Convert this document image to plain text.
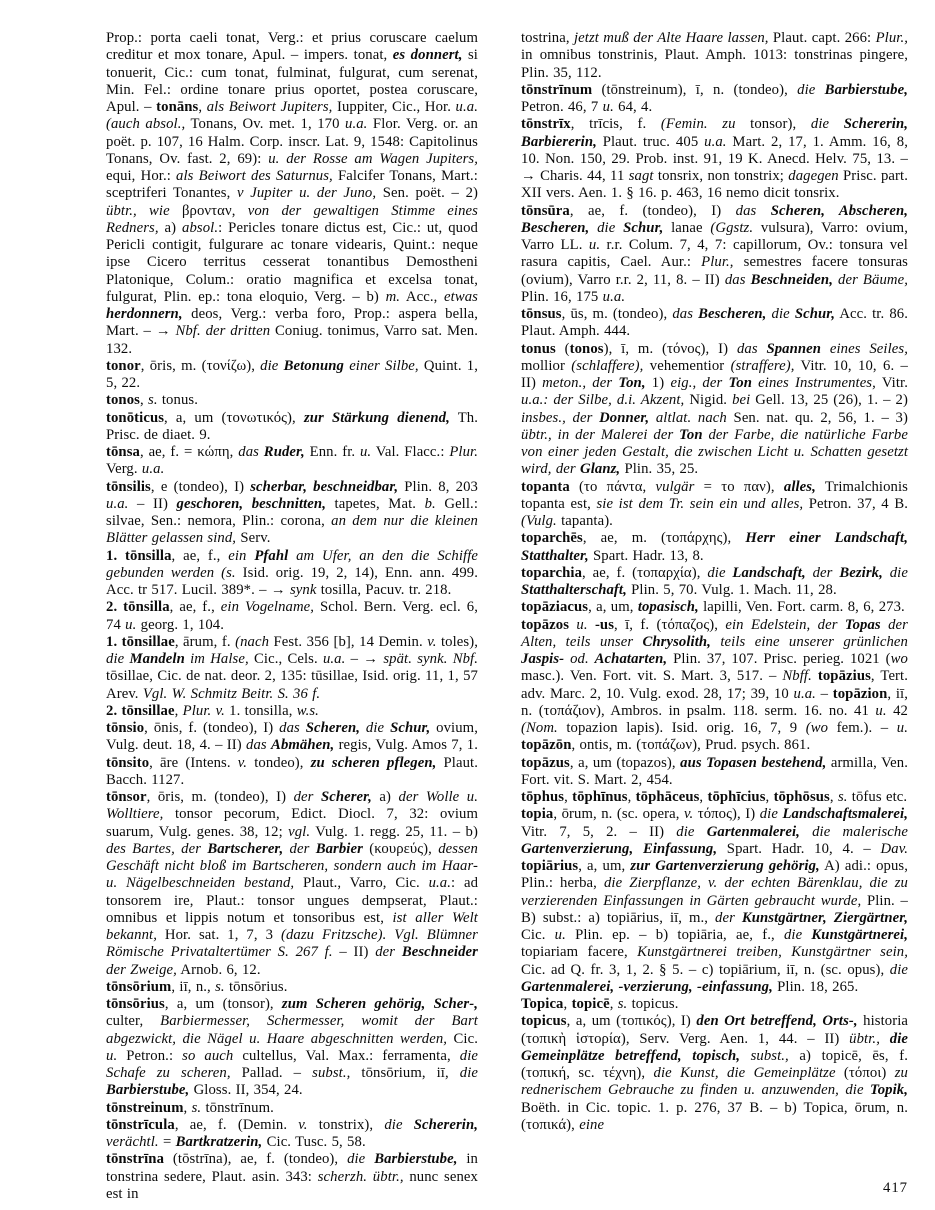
Prop.: porta caeli tonat, Verg.: et prius coruscare caelum creditur et mox tonare, Apul. – impers. tonat, es donnert, si tonuerit, Cic.: cum tonat, fulminat, fulgurat, cum serenat, Min. Fel.: ordine tonare prius oportet, postea coruscare, Apul. – tonāns, als Beiwort Jupiters, Iuppiter, Cic., Hor. u.a. (auch absol., Tonans, Ov. met. 1, 170 u.a. Flor. Verg. or. an poët. p. 107, 16 Halm. Corp. inscr. Lat. 9, 1548: Capitolinus Tonans, Ov. fast. 2, 69): u. der Rosse am Wagen Jupiters, equi, Hor.: als Beiwort des Saturnus, Falcifer Tonans, Mart.: sceptriferi Tonantes, v Jupiter u. der Juno, Sen. poët. – 2) übtr., wie βρονταν, von der gewaltigen Stimme eines Redners, a) absol.: Pericles tonare dictus est, Cic.: ut, quod Pericli contigit, fulgurare ac tonare videaris, Quint.: neque ipse Cicero territus cesserat tonantibus Demostheni Platonique, Colum.: oratio magnifica et excelsa tonat, fulgurat, Plin. ep.: tona eloquio, Verg. – b) m. Acc., etwas herdonnern, deos, Verg.: verba foro, Prop.: aspera bella, Mart. – → Nbf. der dritten Coniug. tonimus, Varro sat. Men. 132.

tonor, ōris, m. (τονίζω), die Betonung einer Silbe, Quint. 1, 5, 22.

tonos, s. tonus.

tonōticus, a, um (τονωτικός), zur Stärkung dienend, Th. Prisc. de diaet. 9.

tōnsa, ae, f. = κώπη, das Ruder, Enn. fr. u. Val. Flacc.: Plur. Verg. u.a.

tōnsilis, e (tondeo), I) scherbar, beschneidbar, Plin. 8, 203 u.a. – II) geschoren, beschnitten, tapetes, Mat. b. Gell.: silvae, Sen.: nemora, Plin.: corona, an dem nur die kleinen Blätter gelassen sind, Serv.

1. tōnsilla, ae, f., ein Pfahl am Ufer, an den die Schiffe gebunden werden (s. Isid. orig. 19, 2, 14), Enn. ann. 499. Acc. tr 517. Lucil. 389*. – → synk tosilla, Pacuv. tr. 218.

2. tōnsilla, ae, f., ein Vogelname, Schol. Bern. Verg. ecl. 6, 74 u. georg. 1, 104.

1. tōnsillae, ārum, f. (nach Fest. 356 [b], 14 Demin. v. toles), die Mandeln im Halse, Cic., Cels. u.a. – → spät. synk. Nbf. tōsillae, Cic. de nat. deor. 2, 135: tūsillae, Isid. orig. 11, 1, 57 Arev. Vgl. W. Schmitz Beitr. S. 36 f.

2. tōnsillae, Plur. v. 1. tonsilla, w.s.

tōnsio, ōnis, f. (tondeo), I) das Scheren, die Schur, ovium, Vulg. deut. 18, 4. – II) das Abmähen, regis, Vulg. Amos 7, 1.

tōnsito, āre (Intens. v. tondeo), zu scheren pflegen, Plaut. Bacch. 1127.

tōnsor, ōris, m. (tondeo), I) der Scherer, a) der Wolle u. Wolltiere, tonsor pecorum, Edict. Diocl. 7, 32: ovium suarum, Vulg. genes. 38, 12; vgl. Vulg. 1. regg. 25, 11. – b) des Bartes, der Bartscherer, der Barbier (κουρεύς), dessen Geschäft nicht bloß im Bartscheren, sondern auch im Haar- u. Nägelbeschneiden bestand, Plaut., Varro, Cic. u.a.: ad tonsorem ire, Plaut.: tonsor ungues dempserat, Plaut.: omnibus et lippis notum et tonsoribus est, ist aller Welt bekannt, Hor. sat. 1, 7, 3 (dazu Fritzsche). Vgl. Blümner Römische Privataltertümer S. 267 f. – II) der Beschneider der Zweige, Arnob. 6, 12.

tōnsōrium, iī, n., s. tōnsōrius.

tōnsōrius, a, um (tonsor), zum Scheren gehörig, Scher-, culter, Barbiermesser, Schermesser, womit der Bart abgezwickt, die Nägel u. Haare abgeschnitten werden, Cic. u. Petron.: so auch cultellus, Val. Max.: ferramenta, die Schafe zu scheren, Pallad. – subst., tōnsōrium, iī, die Barbierstube, Gloss. II, 354, 24.

tōnstreinum, s. tōnstrīnum.

tōnstrīcula, ae, f. (Demin. v. tonstrix), die Schererin, verächtl. = Bartkratzerin, Cic. Tusc. 5, 58.

tōnstrīna (tōstrīna), ae, f. (tondeo), die Barbierstube, in tonstrina sedere, Plaut. asin. 343: scherzh. übtr., nunc senex est in

tostrina, jetzt muß der Alte Haare lassen, Plaut. capt. 266: Plur., in omnibus tonstrinis, Plaut. Amph. 1013: tonstrinas pingere, Plin. 35, 112.

tōnstrīnum (tōnstreinum), ī, n. (tondeo), die Barbierstube, Petron. 46, 7 u. 64, 4.

tōnstrīx, trīcis, f. (Femin. zu tonsor), die Schererin, Barbiererin, Plaut. truc. 405 u.a. Mart. 2, 17, 1. Amm. 16, 8, 10. Non. 150, 29. Prob. inst. 91, 19 K. Anecd. Helv. 75, 13. – → Charis. 44, 11 sagt tonsrix, non tonstrix; dagegen Prisc. part. XII vers. Aen. 1. § 16. p. 463, 16 nemo dicit tonsrix.

tōnsūra, ae, f. (tondeo), I) das Scheren, Abscheren, Bescheren, die Schur, lanae (Ggstz. vulsura), Varro: ovium, Varro LL. u. r.r. Colum. 7, 4, 7: capillorum, Ov.: tonsura vel rasura capitis, Cael. Aur.: Plur., semestres facere tonsuras (ovium), Varro r.r. 2, 11, 8. – II) das Beschneiden, der Bäume, Plin. 16, 175 u.a.

tōnsus, ūs, m. (tondeo), das Bescheren, die Schur, Acc. tr. 86. Plaut. Amph. 444.

tonus (tonos), ī, m. (τόνος), I) das Spannen eines Seiles, mollior (schlaffere), vehementior (straffere), Vitr. 10, 10, 6. – II) meton., der Ton, 1) eig., der Ton eines Instrumentes, Vitr. u.a.: der Silbe, d.i. Akzent, Nigid. bei Gell. 13, 25 (26), 1. – 2) insbes., der Donner, altlat. nach Sen. nat. qu. 2, 56, 1. – 3) übtr., in der Malerei der Ton der Farbe, die natürliche Farbe von einer jeden Gestalt, die zwischen Licht u. Schatten gesetzt wird, der Glanz, Plin. 35, 25.

topanta (το πάντα, vulgär = το παν), alles, Trimalchionis topanta est, sie ist dem Tr. sein ein und alles, Petron. 37, 4 B. (Vulg. tapanta).

toparchēs, ae, m. (τοπάρχης), Herr einer Landschaft, Statthalter, Spart. Hadr. 13, 8.

toparchia, ae, f. (τοπαρχία), die Landschaft, der Bezirk, die Statthalterschaft, Plin. 5, 70. Vulg. 1. Mach. 11, 28.

topāziacus, a, um, topasisch, lapilli, Ven. Fort. carm. 8, 6, 273.

topāzos u. -us, ī, f. (τόπαζος), ein Edelstein, der Topas der Alten, teils unser Chrysolith, teils eine unserer grünlichen Jaspis- od. Achatarten, Plin. 37, 107. Prisc. perieg. 1021 (wo masc.). Ven. Fort. vit. S. Mart. 3, 517. – Nbff. topāzius, Tert. adv. Marc. 2, 10. Vulg. exod. 28, 17; 39, 10 u.a. – topāzion, iī, n. (τοπάζιον), Ambros. in psalm. 118. serm. 16. no. 41 u. 42 (Nom. topazion lapis). Isid. orig. 16, 7, 9 (wo fem.). – u. topāzōn, ontis, m. (τοπάζων), Prud. psych. 861.

topāzus, a, um (topazos), aus Topasen bestehend, armilla, Ven. Fort. vit. S. Mart. 2, 454.

tōphus, tōphīnus, tōphāceus, tōphīcius, tōphōsus, s. tōfus etc.

topia, ōrum, n. (sc. opera, v. τόπος), I) die Landschaftsmalerei, Vitr. 7, 5, 2. – II) die Gartenmalerei, die malerische Gartenverzierung, Einfassung, Spart. Hadr. 10, 4. – Dav. topiārius, a, um, zur Gartenverzierung gehörig, A) adi.: opus, Plin.: herba, die Zierpflanze, v. der echten Bärenklau, die zu verzierenden Einfassungen in Gärten gebraucht wurde, Plin. – B) subst.: a) topiārius, iī, m., der Kunstgärtner, Ziergärtner, Cic. u. Plin. ep. – b) topiāria, ae, f., die Kunstgärtnerei, topiariam facere, Kunstgärtnerei treiben, Kunstgärtner sein, Cic. ad Q. fr. 3, 1, 2. § 5. – c) topiārium, iī, n. (sc. opus), die Gartenmalerei, -verzierung, -einfassung, Plin. 18, 265.

Topica, topicē, s. topicus.

topicus, a, um (τοπικός), I) den Ort betreffend, Orts-, historia (τοπικὴ ἱστορία), Serv. Verg. Aen. 1, 44. – II) übtr., die Gemeinplätze betreffend, topisch, subst., a) topicē, ēs, f. (τοπική, sc. τέχνη), die Kunst, die Gemeinplätze (τόποι) zu rednerischem Gebrauche zu finden u. anzuwenden, die Topik, Boëth. in Cic. topic. 1. p. 276, 37 B. – b) Topica, ōrum, n. (τοπικά), eine

417
